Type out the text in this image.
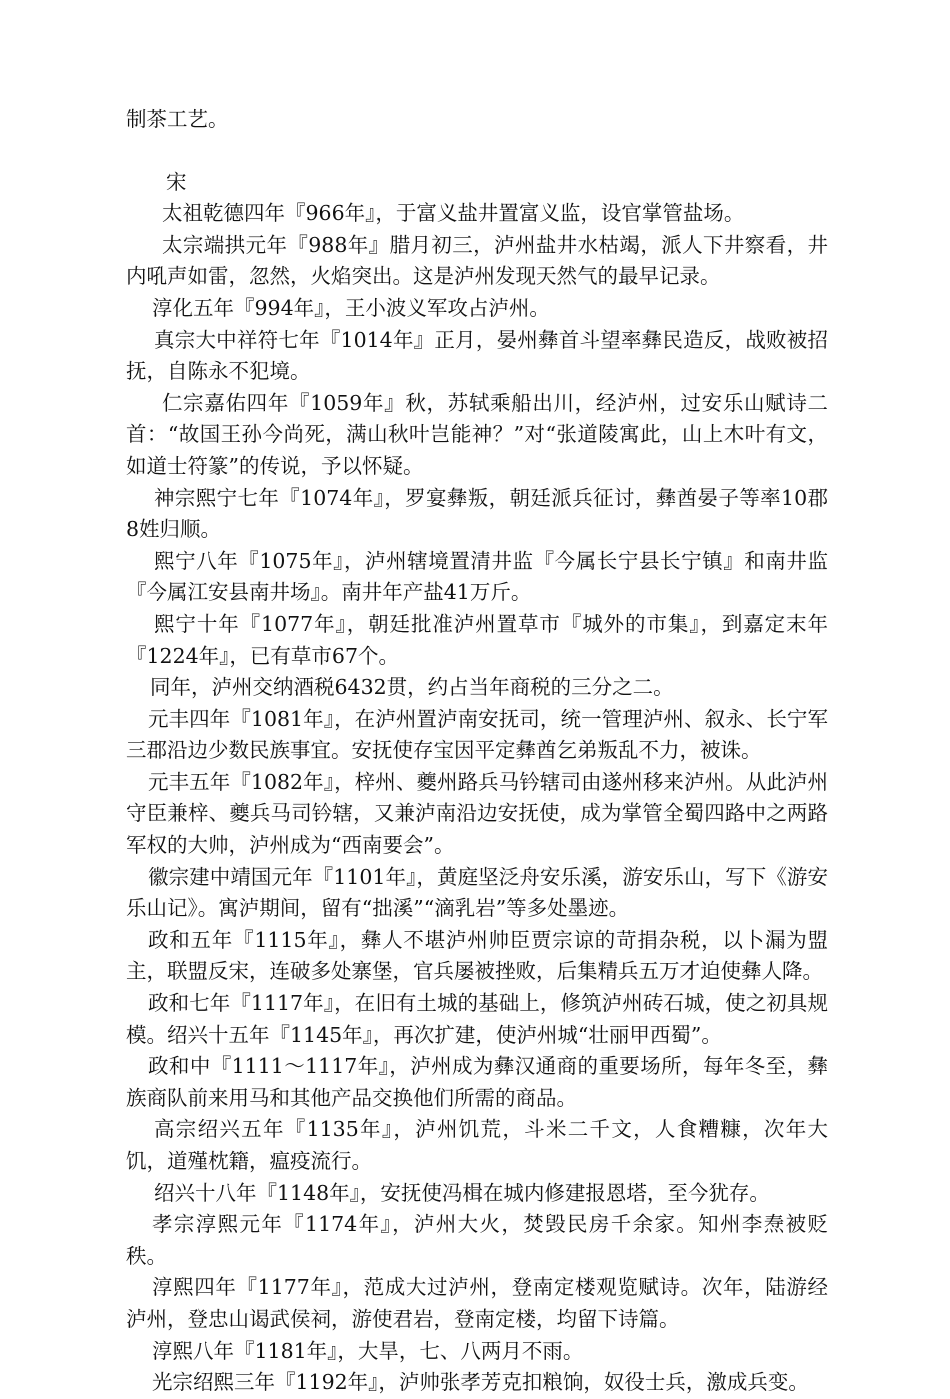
制茶工艺。

宋

太祖乾德四年『966年』，于富义盐井置富义监，设官掌管盐场。

太宗端拱元年『988年』腊月初三，泸州盐井水枯竭，派人下井察看，井内吼声如雷，忽然，火焰突出。这是泸州发现天然气的最早记录。

淳化五年『994年』，王小波义军攻占泸州。

真宗大中祥符七年『1014年』正月，晏州彝首斗望率彝民造反，战败被招抚，自陈永不犯境。

仁宗嘉佑四年『1059年』秋，苏轼乘船出川，经泸州，过安乐山赋诗二首：“故国王孙今尚死，满山秋叶岂能神？”对“张道陵寓此，山上木叶有文，如道士符篆”的传说，予以怀疑。

神宗熙宁七年『1074年』，罗宴彝叛，朝廷派兵征讨，彝酋晏子等率10郡8姓归顺。

熙宁八年『1075年』，泸州辖境置清井监『今属长宁县长宁镇』和南井监『今属江安县南井场』。南井年产盐41万斤。

熙宁十年『1077年』，朝廷批准泸州置草市『城外的市集』，到嘉定末年『1224年』，已有草市67个。

同年，泸州交纳酒税6432贯，约占当年商税的三分之二。

元丰四年『1081年』，在泸州置泸南安抚司，统一管理泸州、叙永、长宁军三郡沿边少数民族事宜。安抚使存宝因平定彝酋乞弟叛乱不力，被诛。

元丰五年『1082年』，梓州、夔州路兵马钤辖司由遂州移来泸州。从此泸州守臣兼梓、夔兵马司钤辖，又兼泸南沿边安抚使，成为掌管全蜀四路中之两路军权的大帅，泸州成为“西南要会”。

徽宗建中靖国元年『1101年』，黄庭坚泛舟安乐溪，游安乐山，写下《游安乐山记》。寓泸期间，留有“拙溪”“滴乳岩”等多处墨迹。

政和五年『1115年』，彝人不堪泸州帅臣贾宗谅的苛捐杂税，以卜漏为盟主，联盟反宋，连破多处寨堡，官兵屡被挫败，后集精兵五万才迫使彝人降。

政和七年『1117年』，在旧有土城的基础上，修筑泸州砖石城，使之初具规模。绍兴十五年『1145年』，再次扩建，使泸州城“壮丽甲西蜀”。

政和中『1111～1117年』，泸州成为彝汉通商的重要场所，每年冬至，彝族商队前来用马和其他产品交换他们所需的商品。

高宗绍兴五年『1135年』，泸州饥荒，斗米二千文，人食糟糠，次年大饥，道殣枕籍，瘟疫流行。

绍兴十八年『1148年』，安抚使冯楫在城内修建报恩塔，至今犹存。

孝宗淳熙元年『1174年』，泸州大火，焚毁民房千余家。知州李焘被贬秩。

淳熙四年『1177年』，范成大过泸州，登南定楼观览赋诗。次年，陆游经泸州，登忠山谒武侯祠，游使君岩，登南定楼，均留下诗篇。

淳熙八年『1181年』，大旱，七、八两月不雨。

光宗绍熙三年『1192年』，泸帅张孝芳克扣粮饷，奴役士兵，激成兵变。
